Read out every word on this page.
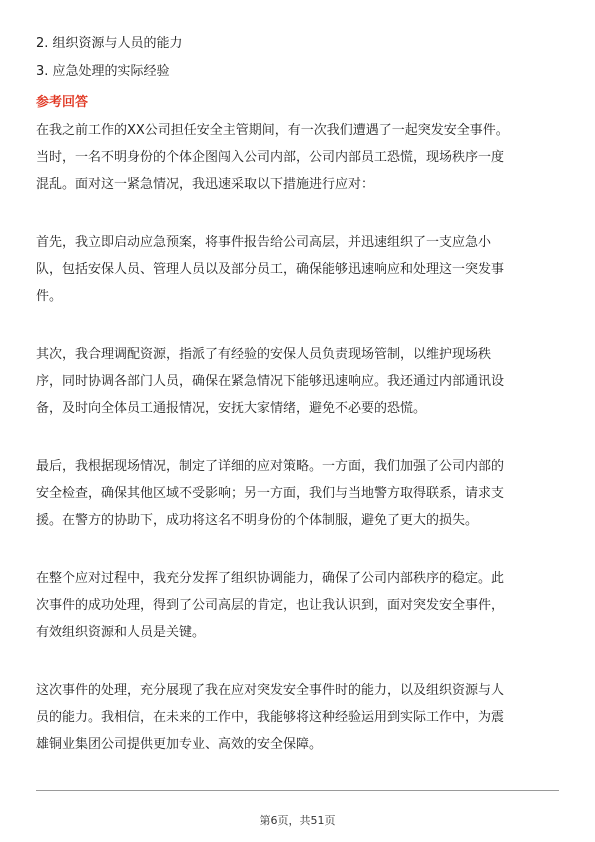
2. 组织资源与人员的能力
3. 应急处理的实际经验
参考回答
在我之前工作的XX公司担任安全主管期间，有一次我们遭遇了一起突发安全事件。
当时，一名不明身份的个体企图闯入公司内部，公司内部员工恐慌，现场秩序一度
混乱。面对这一紧急情况，我迅速采取以下措施进行应对：
首先，我立即启动应急预案，将事件报告给公司高层，并迅速组织了一支应急小
队，包括安保人员、管理人员以及部分员工，确保能够迅速响应和处理这一突发事
件。
其次，我合理调配资源，指派了有经验的安保人员负责现场管制，以维护现场秩
序，同时协调各部门人员，确保在紧急情况下能够迅速响应。我还通过内部通讯设
备，及时向全体员工通报情况，安抚大家情绪，避免不必要的恐慌。
最后，我根据现场情况，制定了详细的应对策略。一方面，我们加强了公司内部的
安全检查，确保其他区域不受影响；另一方面，我们与当地警方取得联系，请求支
援。在警方的协助下，成功将这名不明身份的个体制服，避免了更大的损失。
在整个应对过程中，我充分发挥了组织协调能力，确保了公司内部秩序的稳定。此
次事件的成功处理，得到了公司高层的肯定，也让我认识到，面对突发安全事件，
有效组织资源和人员是关键。
这次事件的处理，充分展现了我在应对突发安全事件时的能力，以及组织资源与人
员的能力。我相信，在未来的工作中，我能够将这种经验运用到实际工作中，为震
雄铜业集团公司提供更加专业、高效的安全保障。
第6页，共51页
